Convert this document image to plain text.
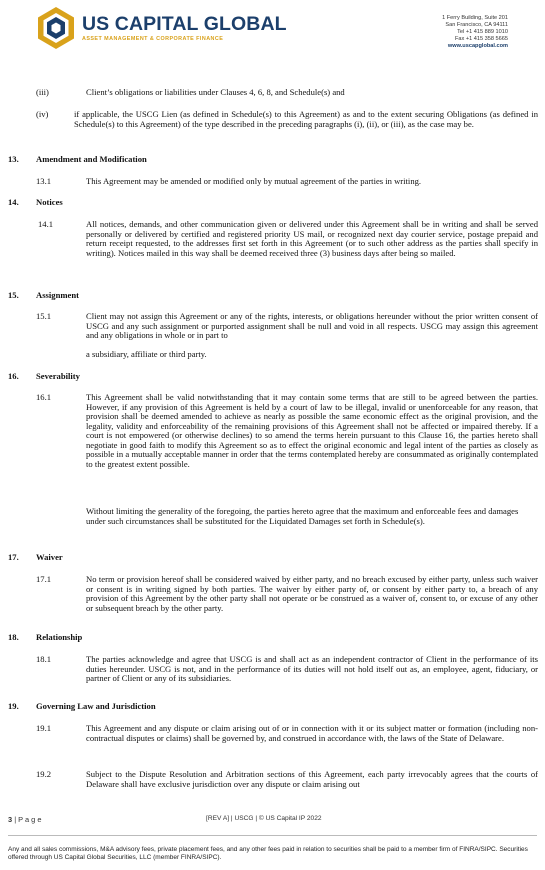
US CAPITAL GLOBAL
ASSET MANAGEMENT & CORPORATE FINANCE
1 Ferry Building, Suite 201
San Francisco, CA 94111
Tel +1 415 889 1010
Fax +1 415 358 5665
www.uscapglobal.com
(iii)	Client’s obligations or liabilities under Clauses 4, 6, 8, and Schedule(s) and
(iv)	if applicable, the USCG Lien (as defined in Schedule(s) to this Agreement) as and to the extent securing Obligations (as defined in Schedule(s) to this Agreement) of the type described in the preceding paragraphs (i), (ii), or (iii), as the case may be.
13. Amendment and Modification
13.1	This Agreement may be amended or modified only by mutual agreement of the parties in writing.
14. Notices
14.1	All notices, demands, and other communication given or delivered under this Agreement shall be in writing and shall be served personally or delivered by certified and registered priority US mail, or recognized next day courier service, postage prepaid and return receipt requested, to the addresses first set forth in this Agreement (or to such other address as the parties shall specify in writing). Notices mailed in this way shall be deemed received three (3) business days after being so mailed.
15. Assignment
15.1	Client may not assign this Agreement or any of the rights, interests, or obligations hereunder without the prior written consent of USCG and any such assignment or purported assignment shall be null and void in all respects. USCG may assign this agreement and any obligations in whole or in part to
a subsidiary, affiliate or third party.
16. Severability
16.1	This Agreement shall be valid notwithstanding that it may contain some terms that are still to be agreed between the parties. However, if any provision of this Agreement is held by a court of law to be illegal, invalid or unenforceable for any reason, that provision shall be deemed amended to achieve as nearly as possible the same economic effect as the original provision, and the legality, validity and enforceability of the remaining provisions of this Agreement shall not be affected or impaired thereby. If a court is not empowered (or otherwise declines) to so amend the terms herein pursuant to this Clause 16, the parties hereto shall negotiate in good faith to modify this Agreement so as to effect the original economic and legal intent of the parties as closely as possible in a mutually acceptable manner in order that the terms contemplated hereby are consummated as originally contemplated to the greatest extent possible.
Without limiting the generality of the foregoing, the parties hereto agree that the maximum and enforceable fees and damages under such circumstances shall be substituted for the Liquidated Damages set forth in Schedule(s).
17. Waiver
17.1	No term or provision hereof shall be considered waived by either party, and no breach excused by either party, unless such waiver or consent is in writing signed by both parties. The waiver by either party of, or consent by either party to, a breach of any provision of this Agreement by the other party shall not operate or be construed as a waiver of, consent to, or excuse of any other or subsequent breach by the other party.
18. Relationship
18.1	The parties acknowledge and agree that USCG is and shall act as an independent contractor of Client in the performance of its duties hereunder. USCG is not, and in the performance of its duties will not hold itself out as, an employee, agent, fiduciary, or partner of Client or any of its subsidiaries.
19. Governing Law and Jurisdiction
19.1	This Agreement and any dispute or claim arising out of or in connection with it or its subject matter or formation (including non-contractual disputes or claims) shall be governed by, and construed in accordance with, the laws of the State of Delaware.
19.2	Subject to the Dispute Resolution and Arbitration sections of this Agreement, each party irrevocably agrees that the courts of Delaware shall have exclusive jurisdiction over any dispute or claim arising out
3 | P a g e	[REV A] | USCG | © US Capital IP 2022
Any and all sales commissions, M&A advisory fees, private placement fees, and any other fees paid in relation to securities shall be paid to a member firm of FINRA/SIPC. Securities offered through US Capital Global Securities, LLC (member FINRA/SIPC).
